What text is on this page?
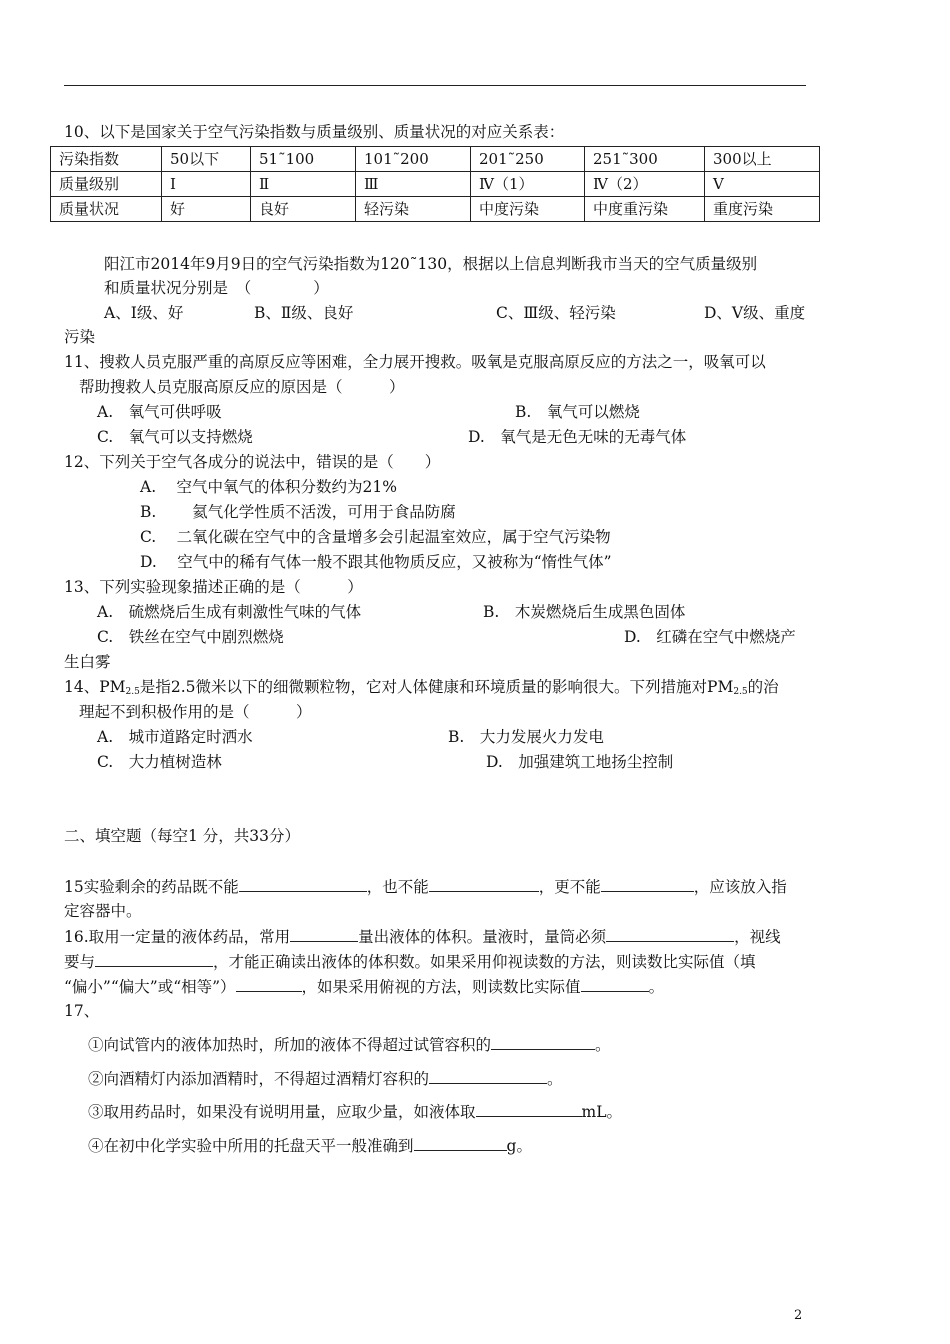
10、以下是国家关于空气污染指数与质量级别、质量状况的对应关系表：
污染指数	50以下	51˜100	101˜200	201˜250	251˜300	300以上
质量级别	Ⅰ	Ⅱ	Ⅲ	Ⅳ（1）	Ⅳ（2）	Ⅴ
质量状况	好	良好	轻污染	中度污染	中度重污染	重度污染
阳江市2014年9月9日的空气污染指数为120˜130，根据以上信息判断我市当天的空气质量级别
和质量状况分别是　（　　　　）
A、Ⅰ级、好	B、Ⅱ级、良好	C、Ⅲ级、轻污染	D、Ⅴ级、重度
污染
11、搜救人员克服严重的高原反应等困难，全力展开搜救。吸氧是克服高原反应的方法之一，吸氧可以
帮助搜救人员克服高原反应的原因是（　　　）
A.　氧气可供呼吸	B.　氧气可以燃烧
C.　氧气可以支持燃烧	D.　氧气是无色无味的无毒气体
12、下列关于空气各成分的说法中，错误的是（　　）
A.　 空气中氧气的体积分数约为21%
B.　 　氦气化学性质不活泼，可用于食品防腐
C.　 二氧化碳在空气中的含量增多会引起温室效应，属于空气污染物
D.　 空气中的稀有气体一般不跟其他物质反应，又被称为“惰性气体”
13、下列实验现象描述正确的是（　　　）
A.　硫燃烧后生成有刺激性气味的气体	B.　木炭燃烧后生成黑色固体
C.　铁丝在空气中剧烈燃烧	D.　红磷在空气中燃烧产
生白雾
14、$PM_{2.5}$是指2.5微米以下的细微颗粒物，它对人体健康和环境质量的影响很大。下列措施对$PM_{2.5}$的治
理起不到积极作用的是（　　　）
A.　城市道路定时洒水	B.　大力发展火力发电
C.　大力植树造林	D.　加强建筑工地扬尘控制
二、填空题（每空1 分，共33分）
15实验剩余的药品既不能	，也不能	，更不能	，应该放入指
定容器中。
16.取用一定量的液体药品，常用	量出液体的体积。量液时，量筒必须	，视线
要与	，才能正确读出液体的体积数。如果采用仰视读数的方法，则读数比实际值（填
“偏小”“偏大”或“相等”）	，如果采用俯视的方法，则读数比实际值	。
17、
①向试管内的液体加热时，所加的液体不得超过试管容积的	。
②向酒精灯内添加酒精时，不得超过酒精灯容积的	。
③取用药品时，如果没有说明用量，应取少量，如液体取	mL。
④在初中化学实验中所用的托盘天平一般准确到	g。
2
